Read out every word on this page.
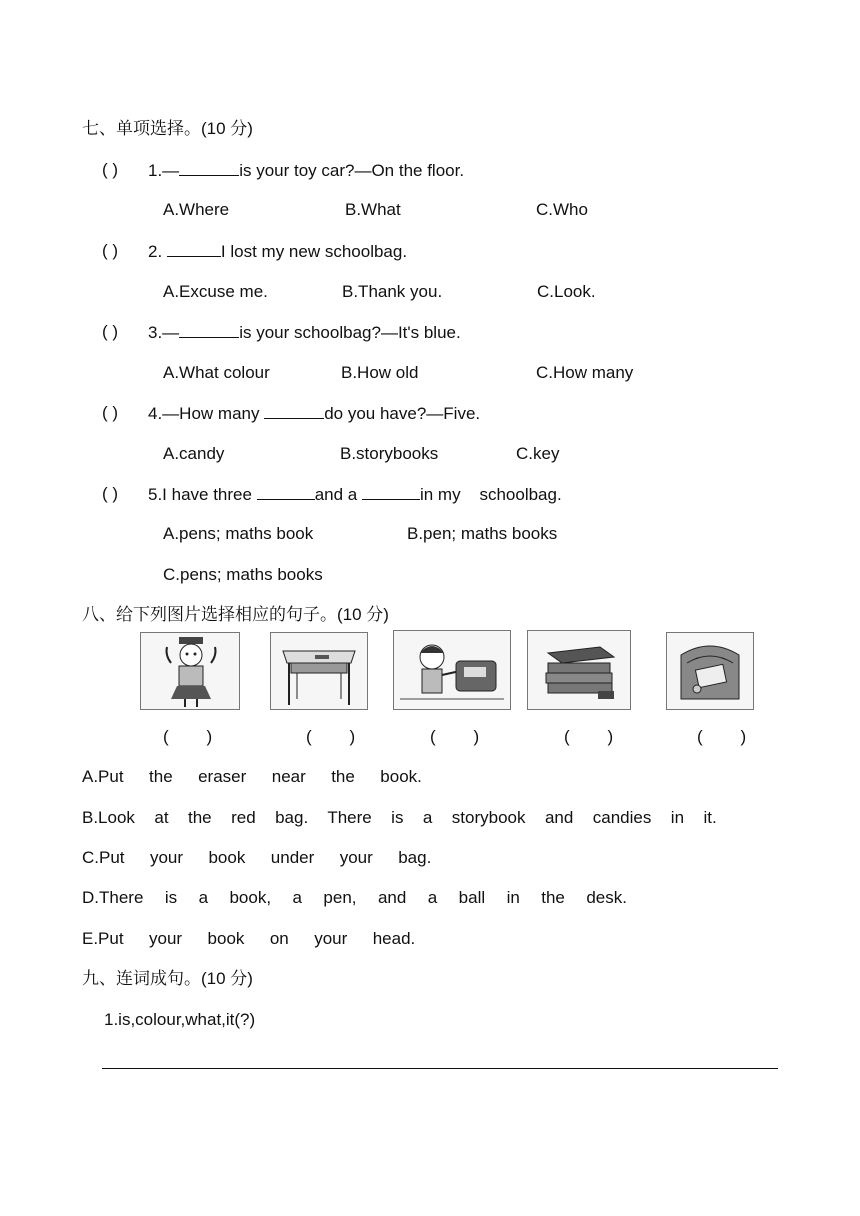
七、单项选择。(10 分)
( ) 1.—	is your toy car?—On the floor.
A.Where	B.What	C.Who
( ) 2.	I lost my new schoolbag.
A.Excuse me.	B.Thank you.	C.Look.
( ) 3.—	is your schoolbag?—It's blue.
A.What colour	B.How old	C.How many
( ) 4.—How many	do you have?—Five.
A.candy	B.storybooks	C.key
( ) 5.I have three	and a	in my    schoolbag.
A.pens; maths book	B.pen; maths books
C.pens; maths books
八、给下列图片选择相应的句子。(10 分)
(        )	(        )	(        )	(        )	(        )
A.Put  the  eraser  near  the  book.
B.Look  at  the  red  bag.  There  is  a  storybook  and  candies  in  it.
C.Put  your  book  under  your  bag.
D.There  is  a  book,  a  pen,  and  a  ball  in  the  desk.
E.Put  your  book  on  your  head.
九、连词成句。(10 分)
1.is,colour,what,it(?)
